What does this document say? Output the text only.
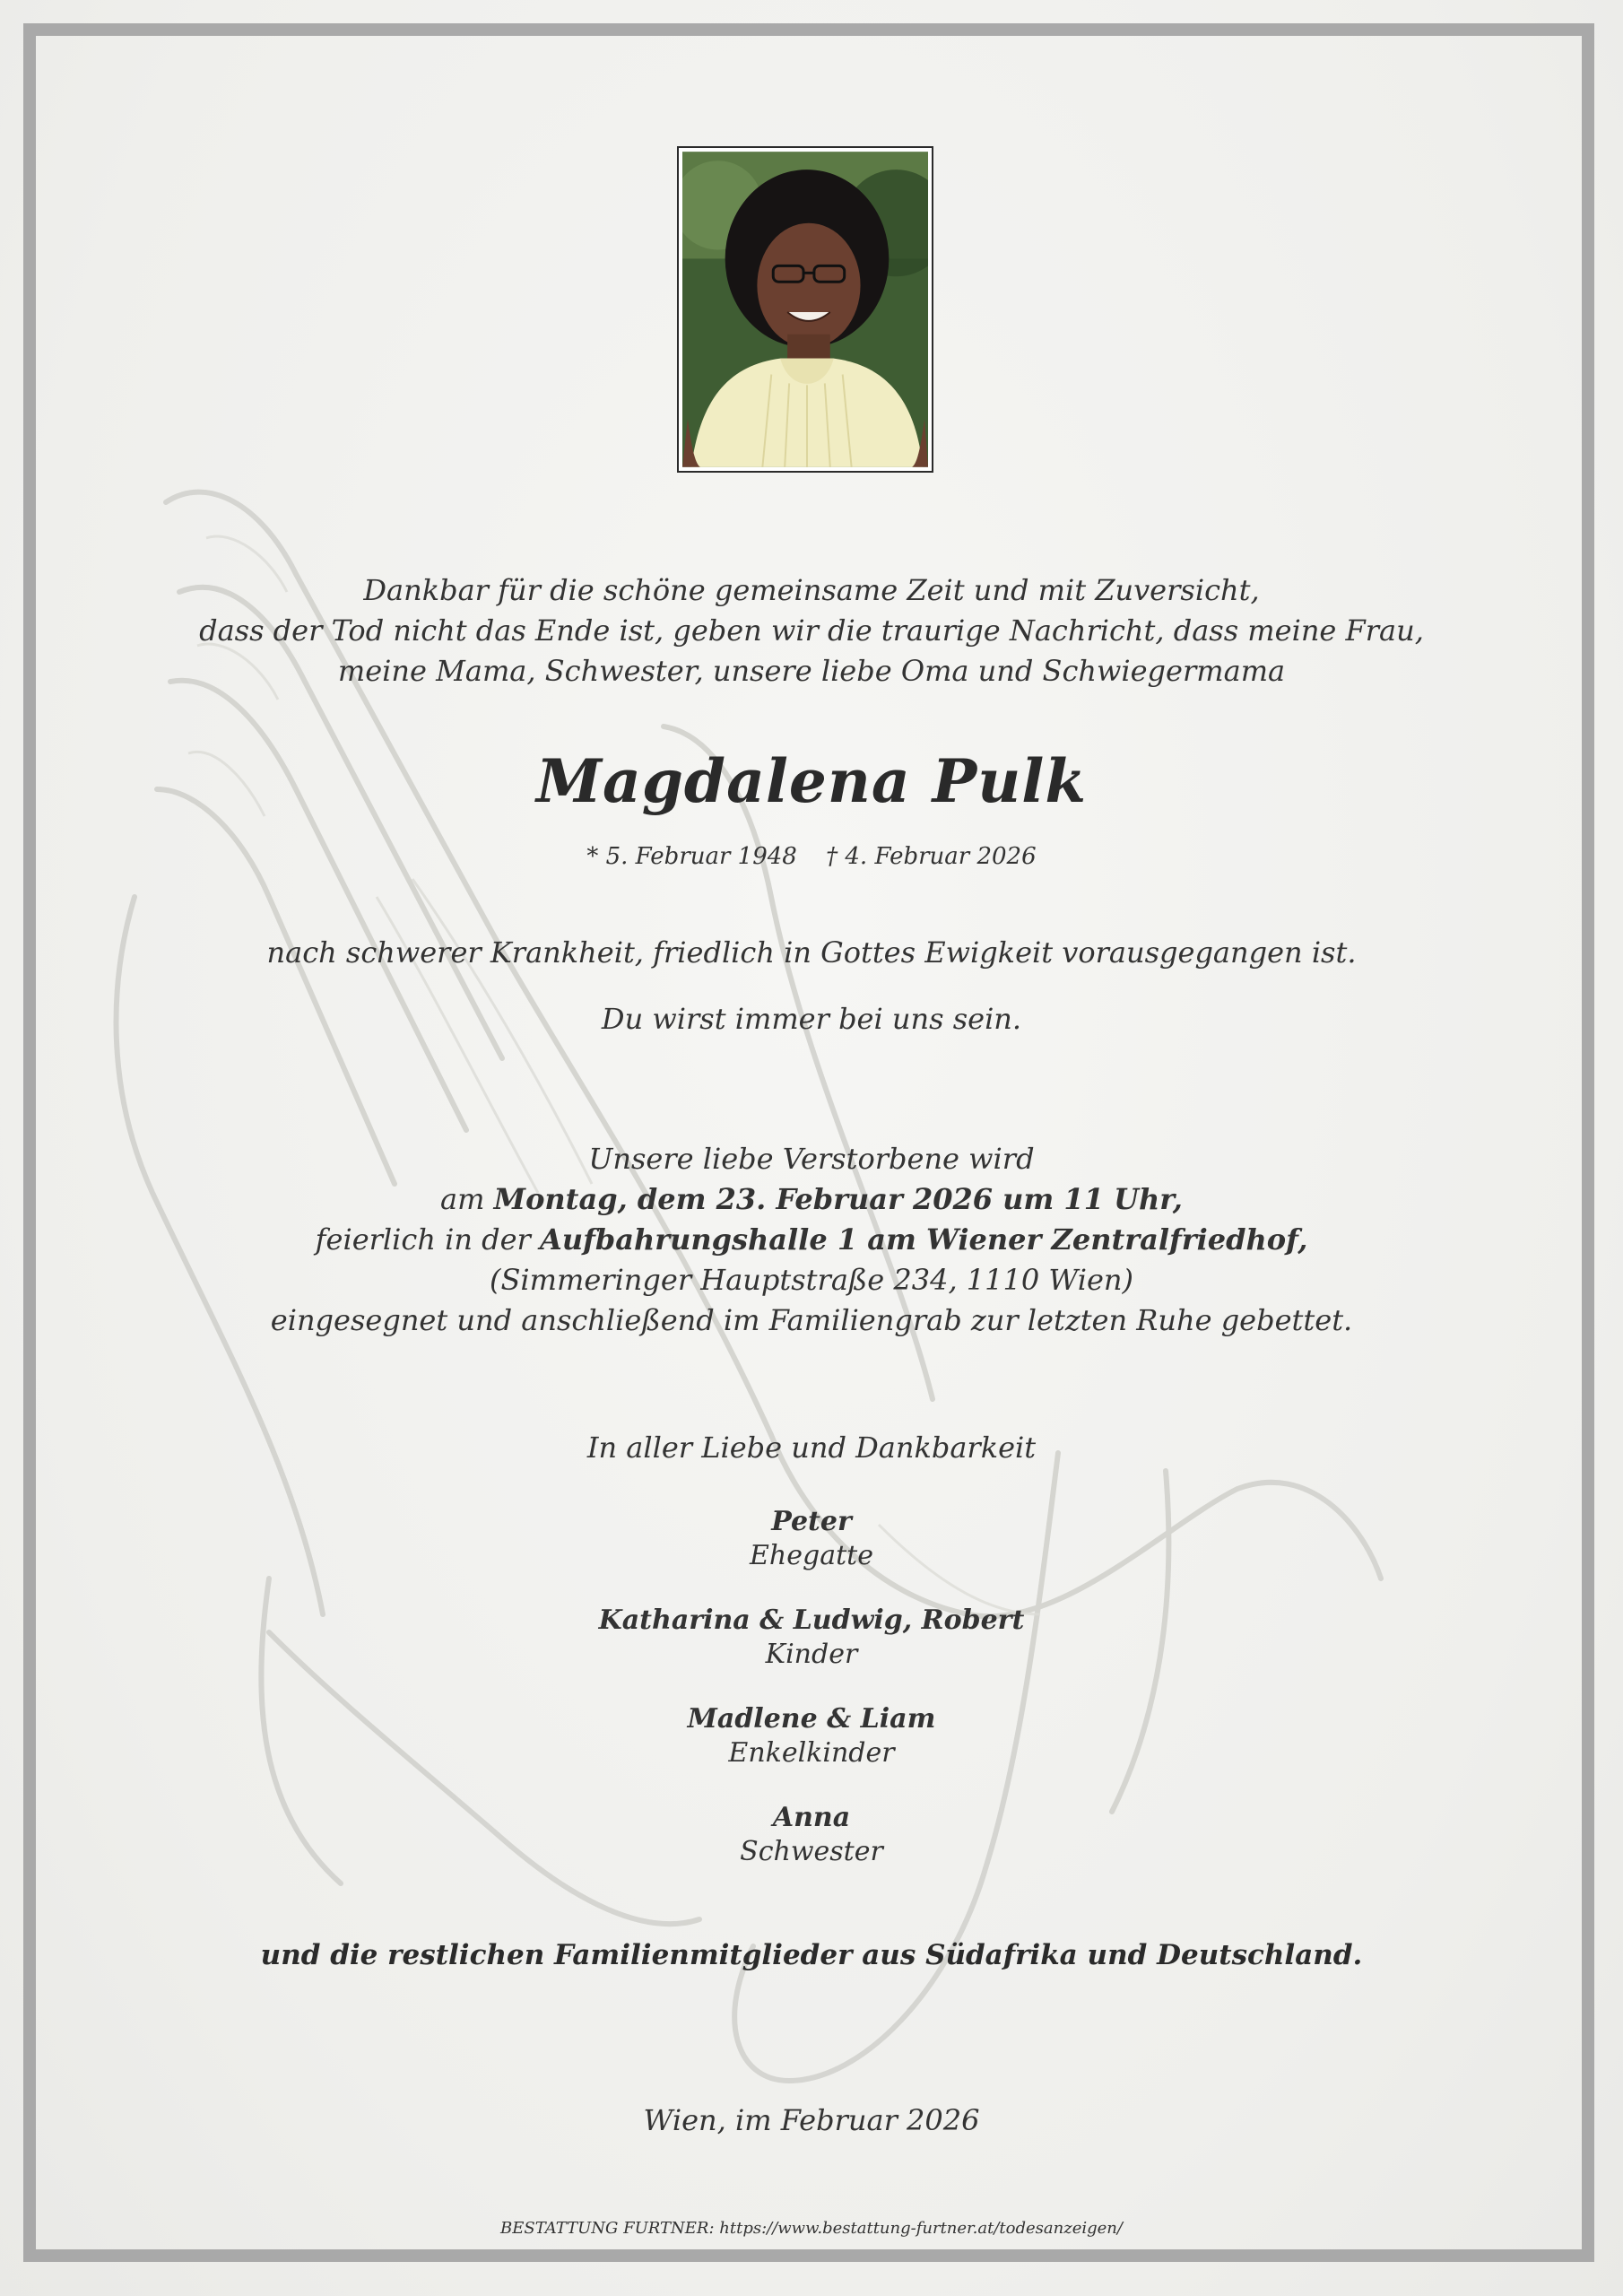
Dankbar für die schöne gemeinsame Zeit und mit Zuversicht,
dass der Tod nicht das Ende ist, geben wir die traurige Nachricht, dass meine Frau,
meine Mama, Schwester, unsere liebe Oma und Schwiegermama
Magdalena Pulk
* 5. Februar 1948 † 4. Februar 2026
nach schwerer Krankheit, friedlich in Gottes Ewigkeit vorausgegangen ist.
Du wirst immer bei uns sein.
Unsere liebe Verstorbene wird
am Montag, dem 23. Februar 2026 um 11 Uhr,
feierlich in der Aufbahrungshalle 1 am Wiener Zentralfriedhof,
(Simmeringer Hauptstraße 234, 1110 Wien)
eingesegnet und anschließend im Familiengrab zur letzten Ruhe gebettet.
In aller Liebe und Dankbarkeit
Peter
Ehegatte
Katharina & Ludwig, Robert
Kinder
Madlene & Liam
Enkelkinder
Anna
Schwester
und die restlichen Familienmitglieder aus Südafrika und Deutschland.
Wien, im Februar 2026
BESTATTUNG FURTNER: https://www.bestattung-furtner.at/todesanzeigen/
